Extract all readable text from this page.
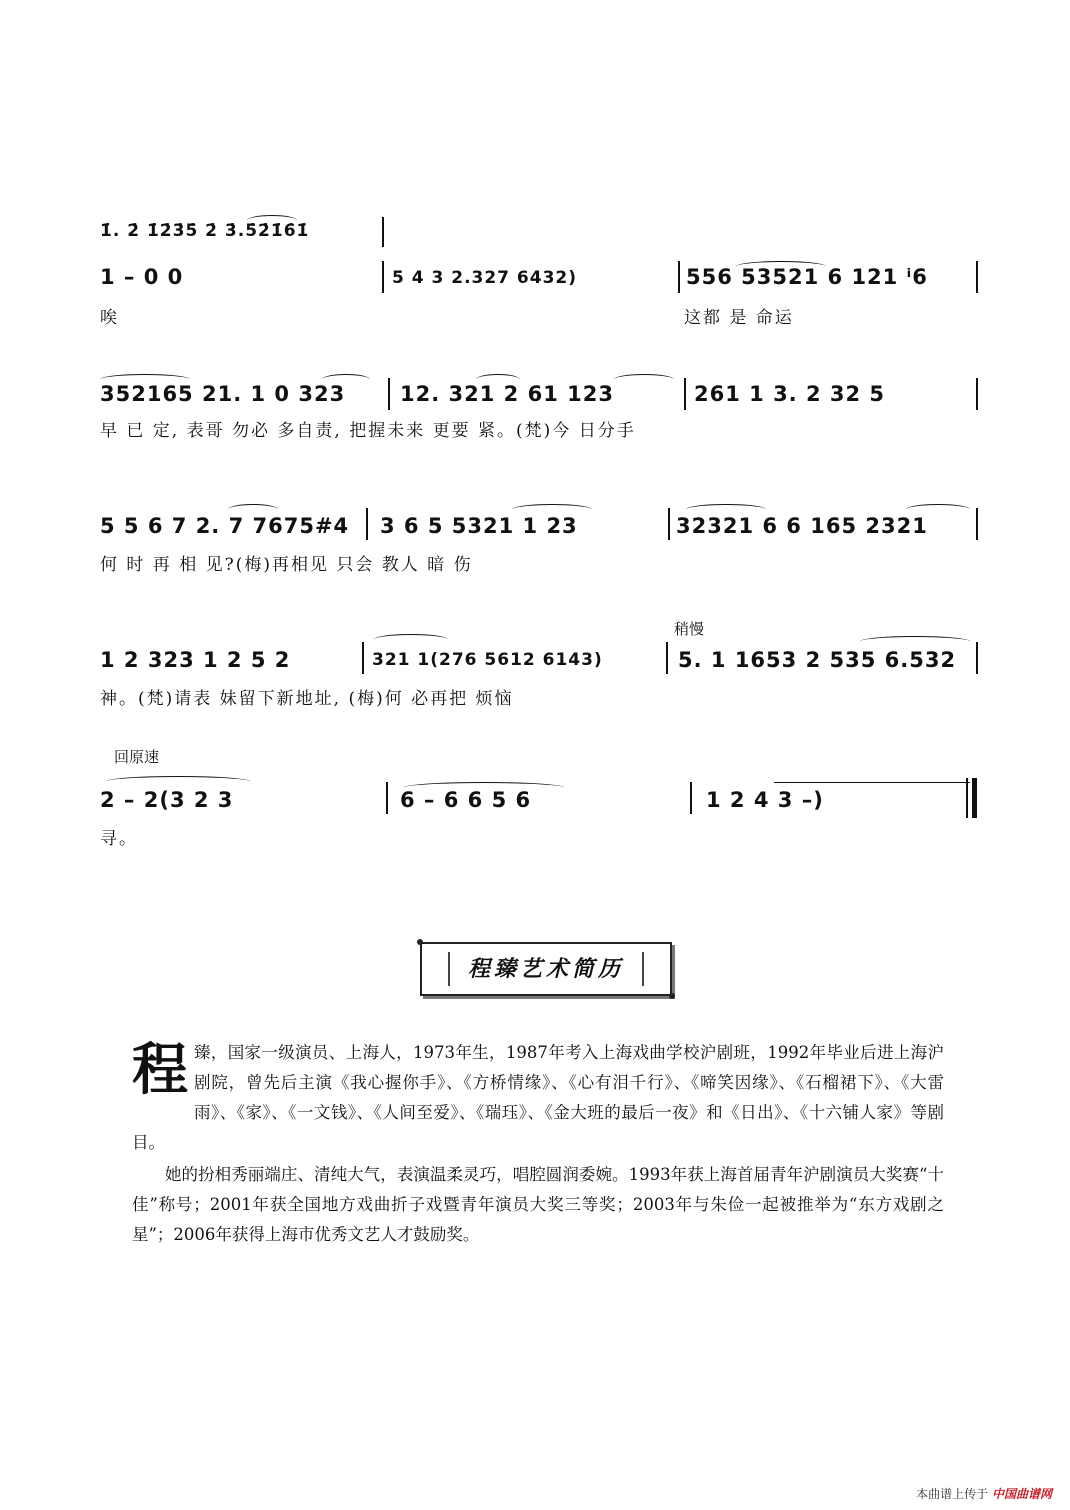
1̇. 2̇ 1̇2̇3̇5̇ 2̇ 3̇.5̇2̇1̇6̇1̇
1 – 0 0	5 4 3 2.327 6432)	556 53521 6 121 ⁱ6
唉	这都 是 命运
352165 21. 1 0 323	12. 321 2 61 123	261 1 3. 2 32 5
早 已 定, 表哥 勿必 多自责, 把握未来 更要 紧。(梵)今 日分手
5 5 6 7 2. 7 7675#4 3 6 5 5321 1 23	32321 6 6 165 2321
何 时 再 相 见?(梅)再相见 只会 教人 暗 伤
稍慢
1 2 323 1 2 5 2	321 1(276 5612 6143)	5. 1 1653 2 535 6.532
神。(梵)请表 妹留下新地址, (梅)何 必再把 烦恼
回原速
2 – 2(3 2 3	6 – 6 6 5 6	1 2 4 3 –)
寻。
程臻艺术简历

程臻，国家一级演员、上海人，1973年生，1987年考入上海戏曲学校沪剧班，1992年毕业后进上海沪剧院，曾先后主演《我心握你手》、《方桥情缘》、《心有泪千行》、《啼笑因缘》、《石榴裙下》、《大雷雨》、《家》、《一文钱》、《人间至爱》、《瑞珏》、《金大班的最后一夜》和《日出》、《十六铺人家》等剧目。

她的扮相秀丽端庄、清纯大气，表演温柔灵巧，唱腔圆润委婉。1993年获上海首届青年沪剧演员大奖赛“十佳”称号；2001年获全国地方戏曲折子戏暨青年演员大奖三等奖；2003年与朱俭一起被推举为“东方戏剧之星”；2006年获得上海市优秀文艺人才鼓励奖。

本曲谱上传于 中国曲谱网
